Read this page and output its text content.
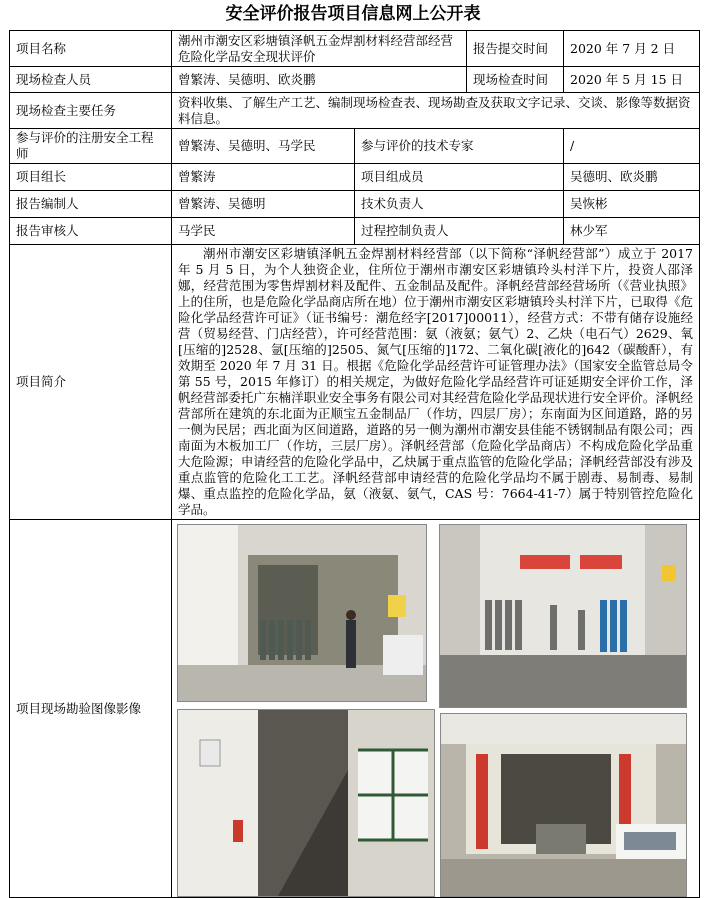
安全评价报告项目信息网上公开表
项目名称	潮州市潮安区彩塘镇泽帆五金焊割材料经营部经营危险化学品安全现状评价		报告提交时间	2020 年 7 月 2 日
现场检查人员	曾繁涛、吴德明、欧炎鹏		现场检查时间	2020 年 5 月 15 日
现场检查主要任务	资料收集、了解生产工艺、编制现场检查表、现场勘查及获取文字记录、交谈、影像等数据资料信息。			
参与评价的注册安全工程师	曾繁涛、吴德明、马学民	参与评价的技术专家		/
项目组长	曾繁涛	项目组成员		吴德明、欧炎鹏
报告编制人	曾繁涛、吴德明	技术负责人		吴恢彬
报告审核人	马学民	过程控制负责人		林少军
项目简介	潮州市潮安区彩塘镇泽帆五金焊割材料经营部（以下简称“泽帆经营部”）成立于 2017 年 5 月 5 日，为个人独资企业，住所位于潮州市潮安区彩塘镇玲头村洋下片，投资人邵泽娜，经营范围为零售焊割材料及配件、五金制品及配件。泽帆经营部经营场所（《营业执照》上的住所，也是危险化学品商店所在地）位于潮州市潮安区彩塘镇玲头村洋下片，已取得《危险化学品经营许可证》（证书编号：潮危经字[2017]00011），经营方式：不带有储存设施经营（贸易经营、门店经营），许可经营范围：氨（液氨；氨气）2、乙炔（电石气）2629、氧[压缩的]2528、氩[压缩的]2505、氮气[压缩的]172、二氧化碳[液化的]642（碳酸酐），有效期至 2020 年 7 月 31 日。根据《危险化学品经营许可证管理办法》（国家安全监管总局令第 55 号，2015 年修订）的相关规定，为做好危险化学品经营许可证延期安全评价工作，泽帆经营部委托广东楠洋职业安全事务有限公司对其经营危险化学品现状进行安全评价。泽帆经营部所在建筑的东北面为正顺宝五金制品厂（作坊，四层厂房）；东南面为区间道路，路的另一侧为民居；西北面为区间道路，道路的另一侧为潮州市潮安县佳能不锈钢制品有限公司；西南面为木板加工厂（作坊，三层厂房）。泽帆经营部（危险化学品商店）不构成危险化学品重大危险源；申请经营的危险化学品中，乙炔属于重点监管的危险化学品；泽帆经营部没有涉及重点监管的危险化工工艺。泽帆经营部申请经营的危险化学品均不属于剧毒、易制毒、易制爆、重点监控的危险化学品，氨（液氨、氨气，CAS 号：7664-41-7）属于特别管控危险化学品。			
项目现场勘验图像影像	
